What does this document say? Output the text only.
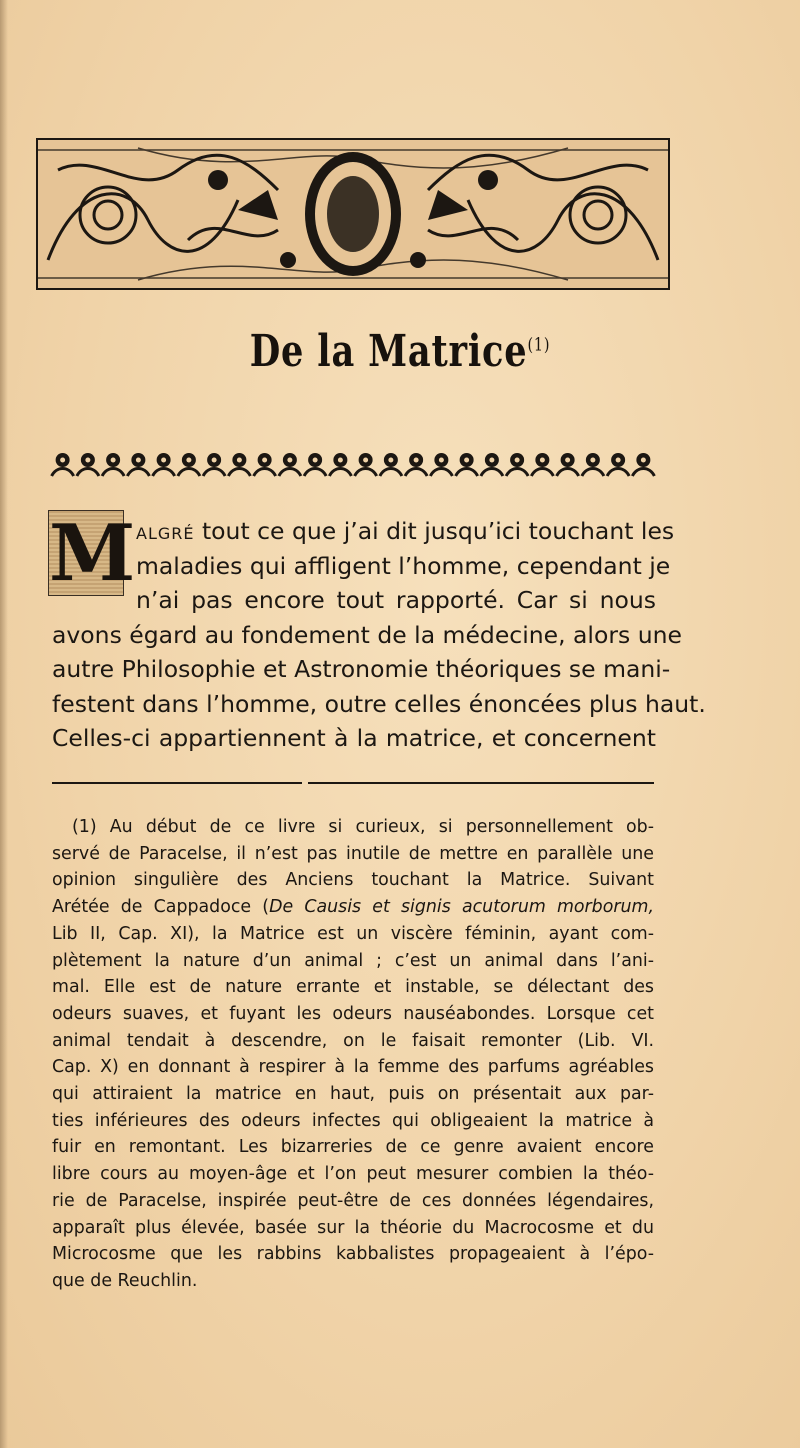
De la Matrice$^{(1)}$
M algré tout ce que j’ai dit jusqu’ici touchant les
maladies qui affligent l’homme, cependant je
n’ai pas encore tout rapporté. Car si nous
avons égard au fondement de la médecine, alors une
autre Philosophie et Astronomie théoriques se mani-
festent dans l’homme, outre celles énoncées plus haut.
Celles-ci appartiennent à la matrice, et concernent
(1) Au début de ce livre si curieux, si personnellement ob-
servé de Paracelse, il n’est pas inutile de mettre en parallèle une
opinion singulière des Anciens touchant la Matrice. Suivant
Arétée de Cappadoce (De Causis et signis acutorum morborum,
Lib II, Cap. XI), la Matrice est un viscère féminin, ayant com-
plètement la nature d’un animal ; c’est un animal dans l’ani-
mal. Elle est de nature errante et instable, se délectant des
odeurs suaves, et fuyant les odeurs nauséabondes. Lorsque cet
animal tendait à descendre, on le faisait remonter (Lib. VI.
Cap. X) en donnant à respirer à la femme des parfums agréables
qui attiraient la matrice en haut, puis on présentait aux par-
ties inférieures des odeurs infectes qui obligeaient la matrice à
fuir en remontant. Les bizarreries de ce genre avaient encore
libre cours au moyen-âge et l’on peut mesurer combien la théo-
rie de Paracelse, inspirée peut-être de ces données légendaires,
apparaît plus élevée, basée sur la théorie du Macrocosme et du
Microcosme que les rabbins kabbalistes propageaient à l’épo-
que de Reuchlin.
